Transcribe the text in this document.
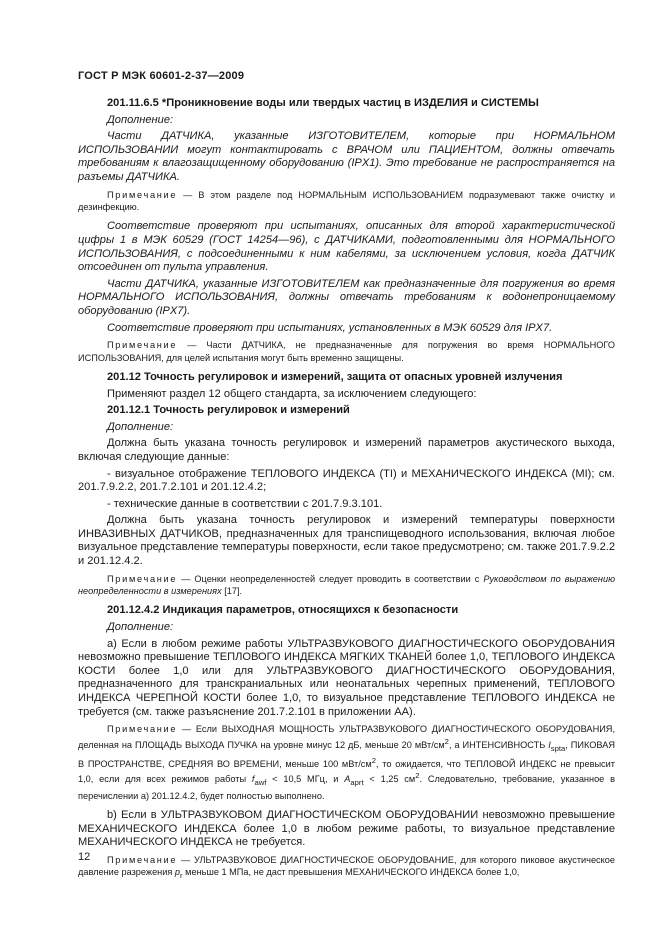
ГОСТ Р МЭК 60601-2-37—2009

201.11.6.5 *Проникновение воды или твердых частиц в ИЗДЕЛИЯ и СИСТЕМЫ

Дополнение:

Части ДАТЧИКА, указанные ИЗГОТОВИТЕЛЕМ, которые при НОРМАЛЬНОМ ИСПОЛЬЗОВАНИИ могут контактировать с ВРАЧОМ или ПАЦИЕНТОМ, должны отвечать требованиям к влагозащищенному оборудованию (IPX1). Это требование не распространяется на разъемы ДАТЧИКА.

Примечание — В этом разделе под НОРМАЛЬНЫМ ИСПОЛЬЗОВАНИЕМ подразумевают также очистку и дезинфекцию.

Соответствие проверяют при испытаниях, описанных для второй характеристической цифры 1 в МЭК 60529 (ГОСТ 14254—96), с ДАТЧИКАМИ, подготовленными для НОРМАЛЬНОГО ИСПОЛЬЗОВАНИЯ, с подсоединенными к ним кабелями, за исключением условия, когда ДАТЧИК отсоединен от пульта управления.

Части ДАТЧИКА, указанные ИЗГОТОВИТЕЛЕМ как предназначенные для погружения во время НОРМАЛЬНОГО ИСПОЛЬЗОВАНИЯ, должны отвечать требованиям к водонепроницаемому оборудованию (IPX7).

Соответствие проверяют при испытаниях, установленных в МЭК 60529 для IPX7.

Примечание — Части ДАТЧИКА, не предназначенные для погружения во время НОРМАЛЬНОГО ИСПОЛЬЗОВАНИЯ, для целей испытания могут быть временно защищены.

201.12 Точность регулировок и измерений, защита от опасных уровней излучения

Применяют раздел 12 общего стандарта, за исключением следующего:

201.12.1 Точность регулировок и измерений

Дополнение:

Должна быть указана точность регулировок и измерений параметров акустического выхода, включая следующие данные:

- визуальное отображение ТЕПЛОВОГО ИНДЕКСА (TI) и МЕХАНИЧЕСКОГО ИНДЕКСА (MI); см. 201.7.9.2.2, 201.7.2.101 и 201.12.4.2;

- технические данные в соответствии с 201.7.9.3.101.

Должна быть указана точность регулировок и измерений температуры поверхности ИНВАЗИВНЫХ ДАТЧИКОВ, предназначенных для транспищеводного использования, включая любое визуальное представление температуры поверхности, если такое предусмотрено; см. также 201.7.9.2.2 и 201.12.4.2.

Примечание — Оценки неопределенностей следует проводить в соответствии с Руководством по выражению неопределенности в измерениях [17].

201.12.4.2 Индикация параметров, относящихся к безопасности

Дополнение:

a) Если в любом режиме работы УЛЬТРАЗВУКОВОГО ДИАГНОСТИЧЕСКОГО ОБОРУДОВАНИЯ невозможно превышение ТЕПЛОВОГО ИНДЕКСА МЯГКИХ ТКАНЕЙ более 1,0, ТЕПЛОВОГО ИНДЕКСА КОСТИ более 1,0 или для УЛЬТРАЗВУКОВОГО ДИАГНОСТИЧЕСКОГО ОБОРУДОВАНИЯ, предназначенного для транскраниальных или неонатальных черепных применений, ТЕПЛОВОГО ИНДЕКСА ЧЕРЕПНОЙ КОСТИ более 1,0, то визуальное представление ТЕПЛОВОГО ИНДЕКСА не требуется (см. также разъяснение 201.7.2.101 в приложении АА).

Примечание — Если ВЫХОДНАЯ МОЩНОСТЬ УЛЬТРАЗВУКОВОГО ДИАГНОСТИЧЕСКОГО ОБОРУДОВАНИЯ, деленная на ПЛОЩАДЬ ВЫХОДА ПУЧКА на уровне минус 12 дБ, меньше 20 мВт/$см^2$, а ИНТЕНСИВНОСТЬ $I_{spta}$, ПИКОВАЯ В ПРОСТРАНСТВЕ, СРЕДНЯЯ ВО ВРЕМЕНИ, меньше 100 мВт/$см^2$, то ожидается, что ТЕПЛОВОЙ ИНДЕКС не превысит 1,0, если для всех режимов работы $f_{awf} < 10,5$ МГц, и $A_{aprt} < 1,25$ $см^2$. Следовательно, требование, указанное в перечислении а) 201.12.4.2, будет полностью выполнено.

b) Если в УЛЬТРАЗВУКОВОМ ДИАГНОСТИЧЕСКОМ ОБОРУДОВАНИИ невозможно превышение МЕХАНИЧЕСКОГО ИНДЕКСА более 1,0 в любом режиме работы, то визуальное представление МЕХАНИЧЕСКОГО ИНДЕКСА не требуется.

Примечание — УЛЬТРАЗВУКОВОЕ ДИАГНОСТИЧЕСКОЕ ОБОРУДОВАНИЕ, для которого пиковое акустическое давление разрежения $p_r$ меньше 1 МПа, не даст превышения МЕХАНИЧЕСКОГО ИНДЕКСА более 1,0,

12
